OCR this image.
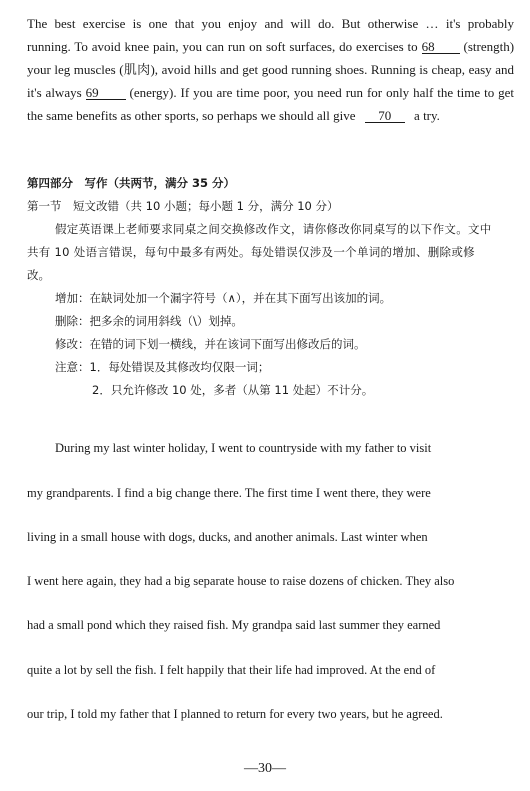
The best exercise is one that you enjoy and will do. But otherwise … it's probably
running. To avoid knee pain, you can run on soft surfaces, do exercises to 68 (strength)
your leg muscles (肌肉), avoid hills and get good running shoes. Running is cheap, easy and
it's always 69 (energy). If you are time poor, you need run for only half the time to get
the same benefits as other sports, so perhaps we should all give 70 a try.
第四部分　写作（共两节，满分 35 分）
第一节　短文改错（共 10 小题；每小题 1 分，满分 10 分）
假定英语课上老师要求同桌之间交换修改作文，请你修改你同桌写的以下作文。文中
共有 10 处语言错误，每句中最多有两处。每处错误仅涉及一个单词的增加、删除或修
改。
增加：在缺词处加一个漏字符号（∧），并在其下面写出该加的词。
删除：把多余的词用斜线（\）划掉。
修改：在错的词下划一横线，并在该词下面写出修改后的词。
注意：1．每处错误及其修改均仅限一词；
2．只允许修改 10 处，多者（从第 11 处起）不计分。
During my last winter holiday, I went to countryside with my father to visit
my grandparents. I find a big change there. The first time I went there, they were
living in a small house with dogs, ducks, and another animals. Last winter when
I went here again, they had a big separate house to raise dozens of chicken. They also
had a small pond which they raised fish. My grandpa said last summer they earned
quite a lot by sell the fish. I felt happily that their life had improved. At the end of
our trip, I told my father that I planned to return for every two years, but he agreed.
—30—
